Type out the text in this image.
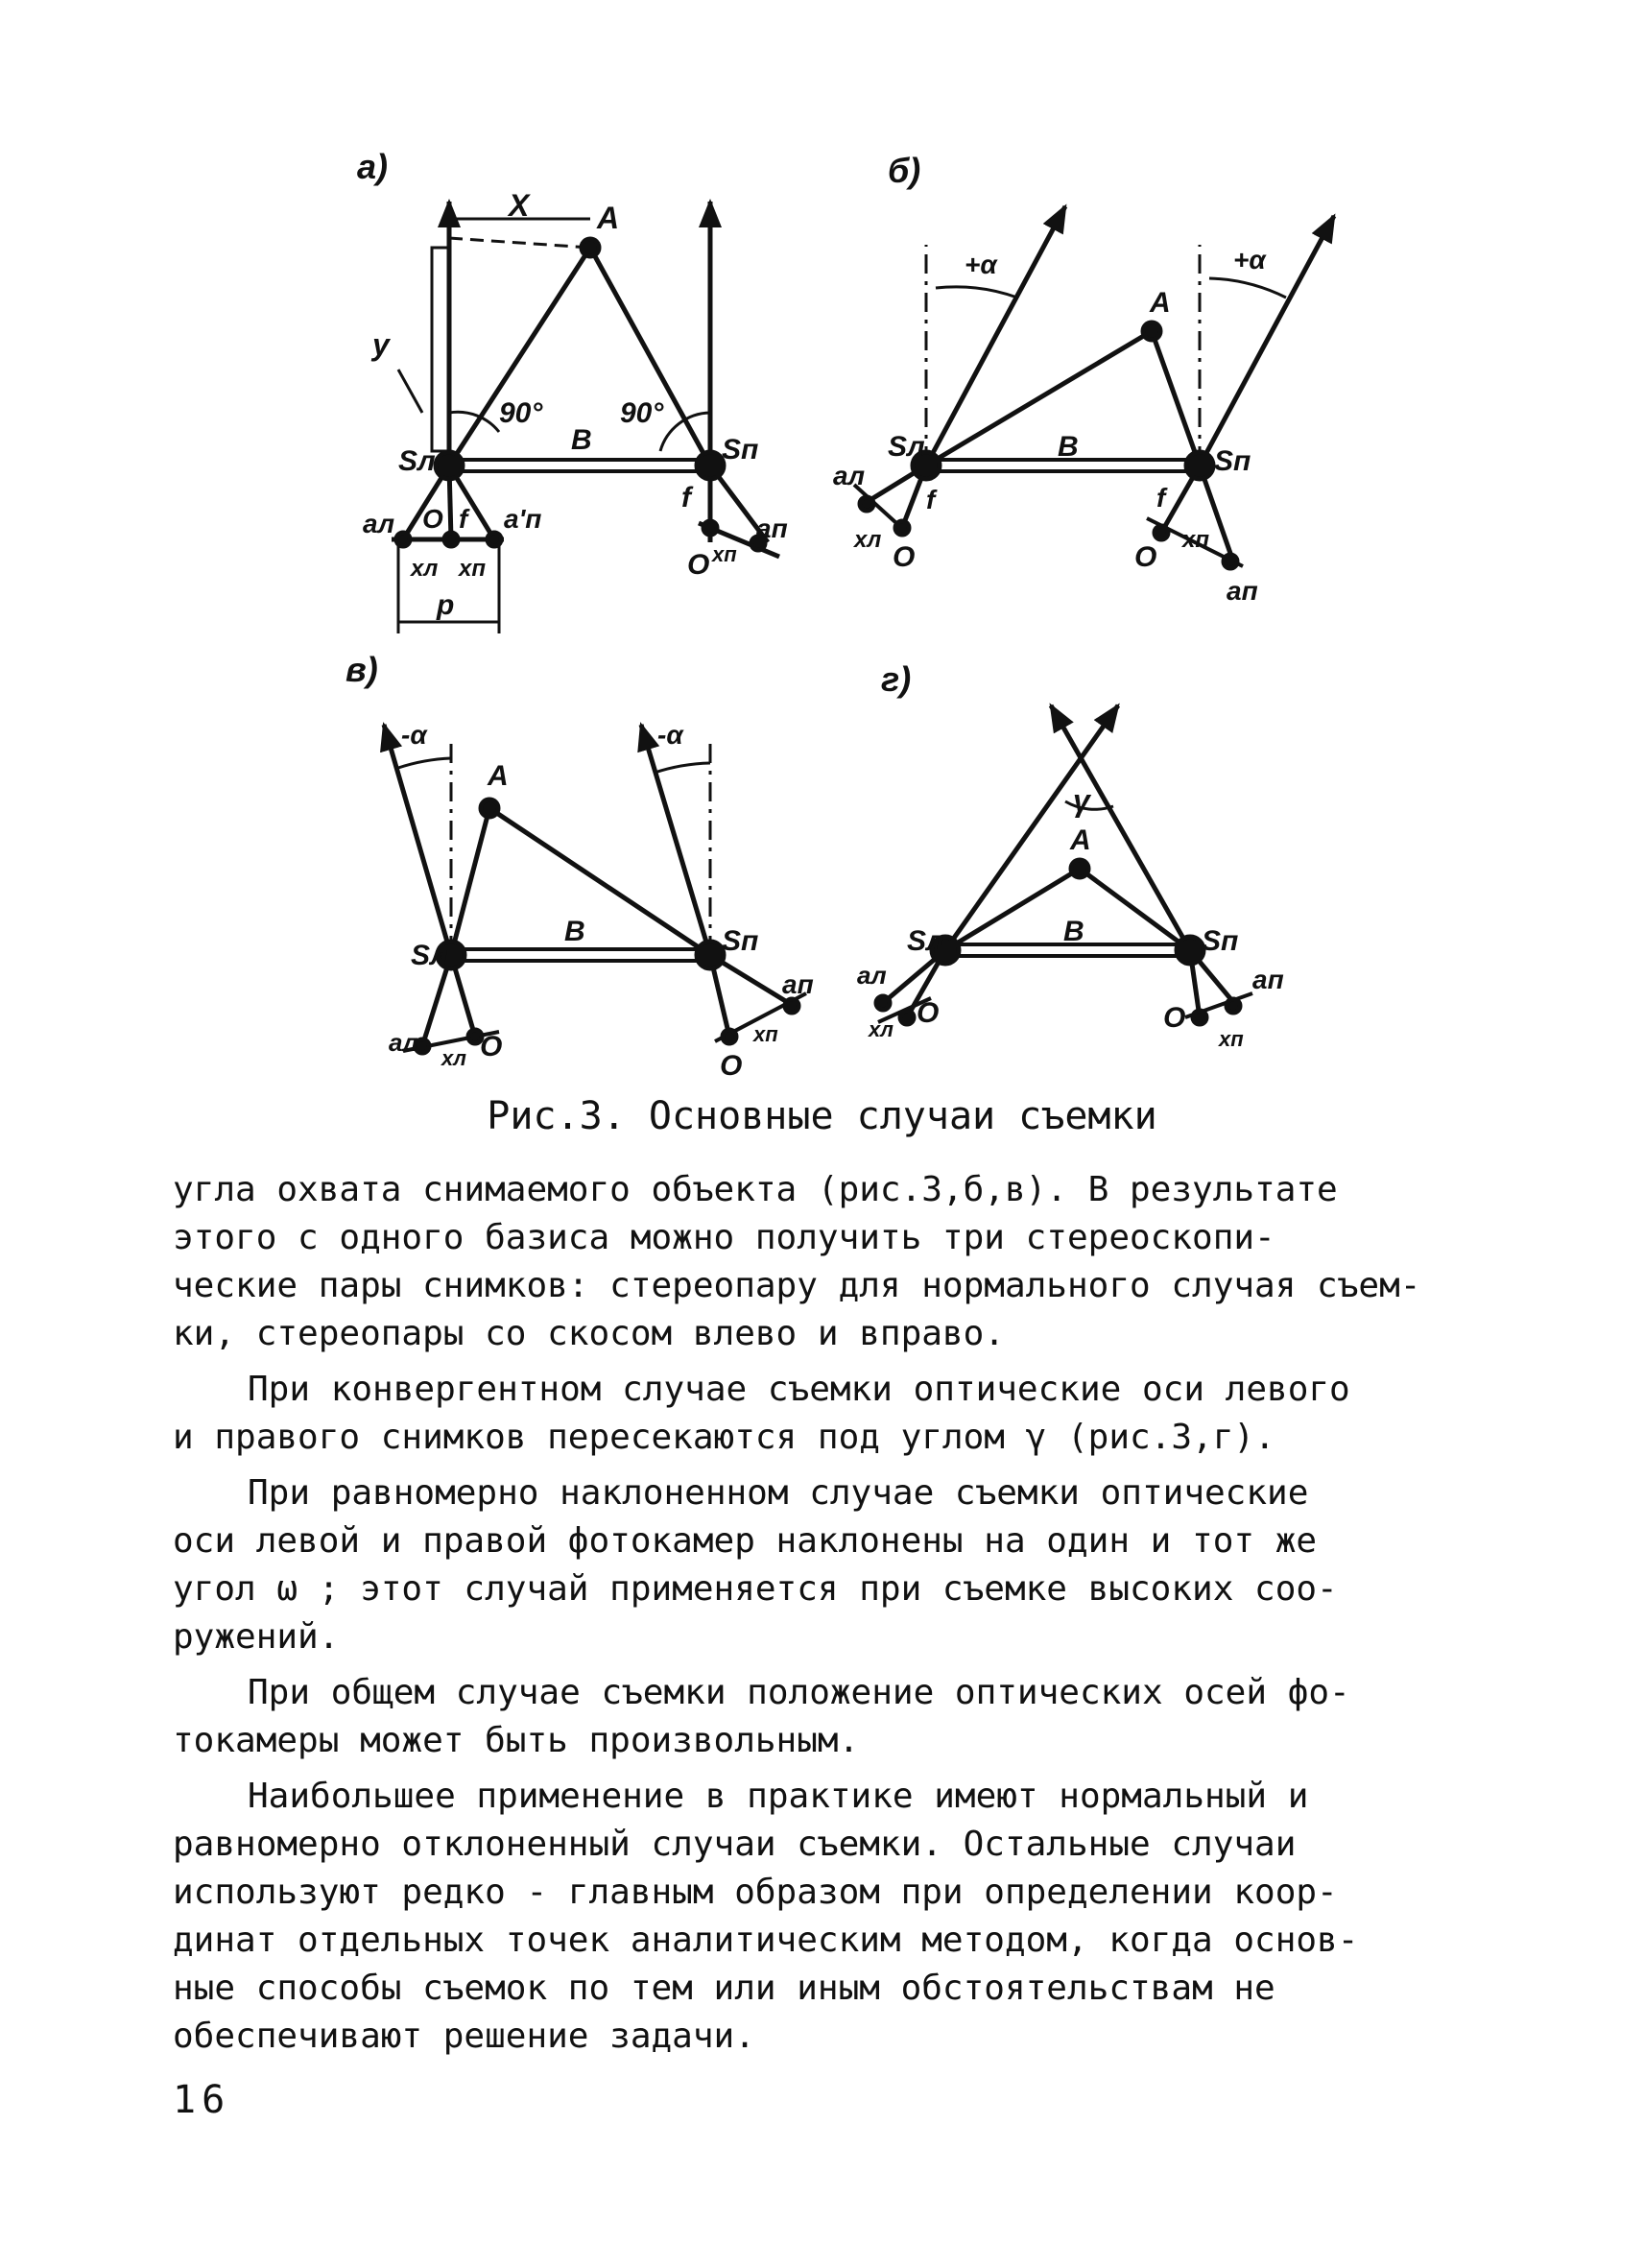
а)
X A
y
90°	90°
B
Sл	Sп
aл O f a'п
xл xп
p
f
O xп
aп
б)
+α	+α
A
Sл	B	Sп
aл
xл
f
O
f
O
xп
aп
в)
-α	-α
A
Sл
B	Sп
aл
xл O
aп
xп
O
г)
γ
A
Sл	B	Sп
aл
xл
O	O
aп
xп
Рис.3. Основные случаи съемки

угла охвата снимаемого объекта (рис.3,б,в). В результате
этого с одного базиса можно получить три стереоскопи-
ческие пары снимков: стереопару для нормального случая съем-
ки, стереопары со скосом влево и вправо.

При конвергентном случае съемки оптические оси левого
и правого снимков пересекаются под углом γ (рис.3,г).

При равномерно наклоненном случае съемки оптические
оси левой и правой фотокамер наклонены на один и тот же
угол ω ; этот случай применяется при съемке высоких соо-
ружений.

При общем случае съемки положение оптических осей фо-
токамеры может быть произвольным.

Наибольшее применение в практике имеют нормальный и
равномерно отклоненный случаи съемки. Остальные случаи
используют редко - главным образом при определении коор-
динат отдельных точек аналитическим методом, когда основ-
ные способы съемок по тем или иным обстоятельствам не
обеспечивают решение задачи.

16
